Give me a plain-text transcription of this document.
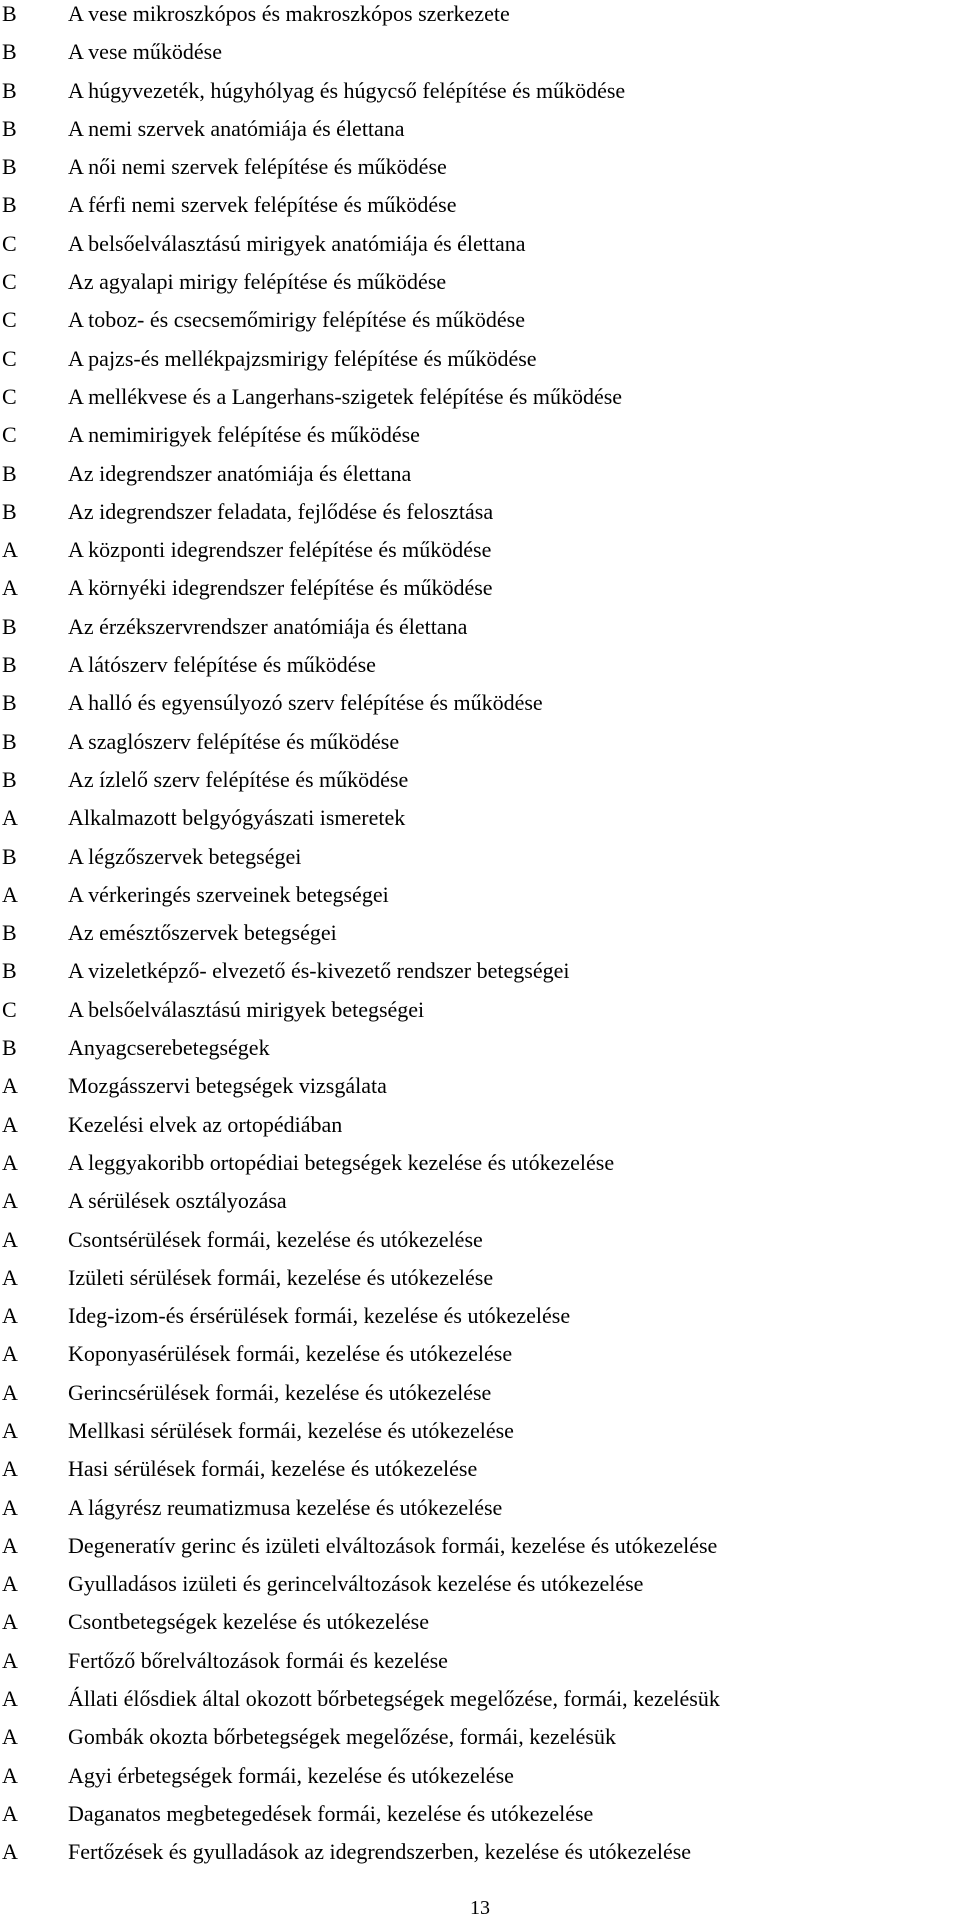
B	A vese mikroszkópos és makroszkópos szerkezete
B	A vese működése
B	A húgyvezeték, húgyhólyag és húgycső felépítése és működése
B	A nemi szervek anatómiája és élettana
B	A női nemi szervek felépítése és működése
B	A férfi nemi szervek felépítése és működése
C	A belsőelválasztású mirigyek anatómiája és élettana
C	Az agyalapi mirigy felépítése és működése
C	A toboz- és csecsemőmirigy felépítése és működése
C	A pajzs-és mellékpajzsmirigy felépítése és működése
C	A mellékvese és a Langerhans-szigetek felépítése és működése
C	A nemimirigyek felépítése és működése
B	Az idegrendszer anatómiája és élettana
B	Az idegrendszer feladata, fejlődése és felosztása
A	A központi idegrendszer felépítése és működése
A	A környéki idegrendszer felépítése és működése
B	Az érzékszervrendszer anatómiája és élettana
B	A látószerv felépítése és működése
B	A halló és egyensúlyozó szerv felépítése és működése
B	A szaglószerv felépítése és működése
B	Az ízlelő szerv felépítése és működése
A	Alkalmazott belgyógyászati ismeretek
B	A légzőszervek betegségei
A	A vérkeringés szerveinek betegségei
B	Az emésztőszervek betegségei
B	A vizeletképző- elvezető és-kivezető rendszer betegségei
C	A belsőelválasztású mirigyek betegségei
B	Anyagcserebetegségek
A	Mozgásszervi betegségek vizsgálata
A	Kezelési elvek az ortopédiában
A	A leggyakoribb ortopédiai betegségek kezelése és utókezelése
A	A sérülések osztályozása
A	Csontsérülések formái, kezelése és utókezelése
A	Izületi sérülések formái, kezelése és utókezelése
A	Ideg-izom-és érsérülések formái, kezelése és utókezelése
A	Koponyasérülések formái, kezelése és utókezelése
A	Gerincsérülések formái, kezelése és utókezelése
A	Mellkasi sérülések formái, kezelése és utókezelése
A	Hasi sérülések formái, kezelése és utókezelése
A	A lágyrész reumatizmusa kezelése és utókezelése
A	Degeneratív gerinc és izületi elváltozások formái, kezelése és utókezelése
A	Gyulladásos izületi és gerincelváltozások kezelése és utókezelése
A	Csontbetegségek kezelése és utókezelése
A	Fertőző bőrelváltozások formái és kezelése
A	Állati élősdiek által okozott bőrbetegségek megelőzése, formái, kezelésük
A	Gombák okozta bőrbetegségek megelőzése, formái, kezelésük
A	Agyi érbetegségek formái, kezelése és utókezelése
A	Daganatos megbetegedések formái, kezelése és utókezelése
A	Fertőzések és gyulladások az idegrendszerben, kezelése és utókezelése
13
